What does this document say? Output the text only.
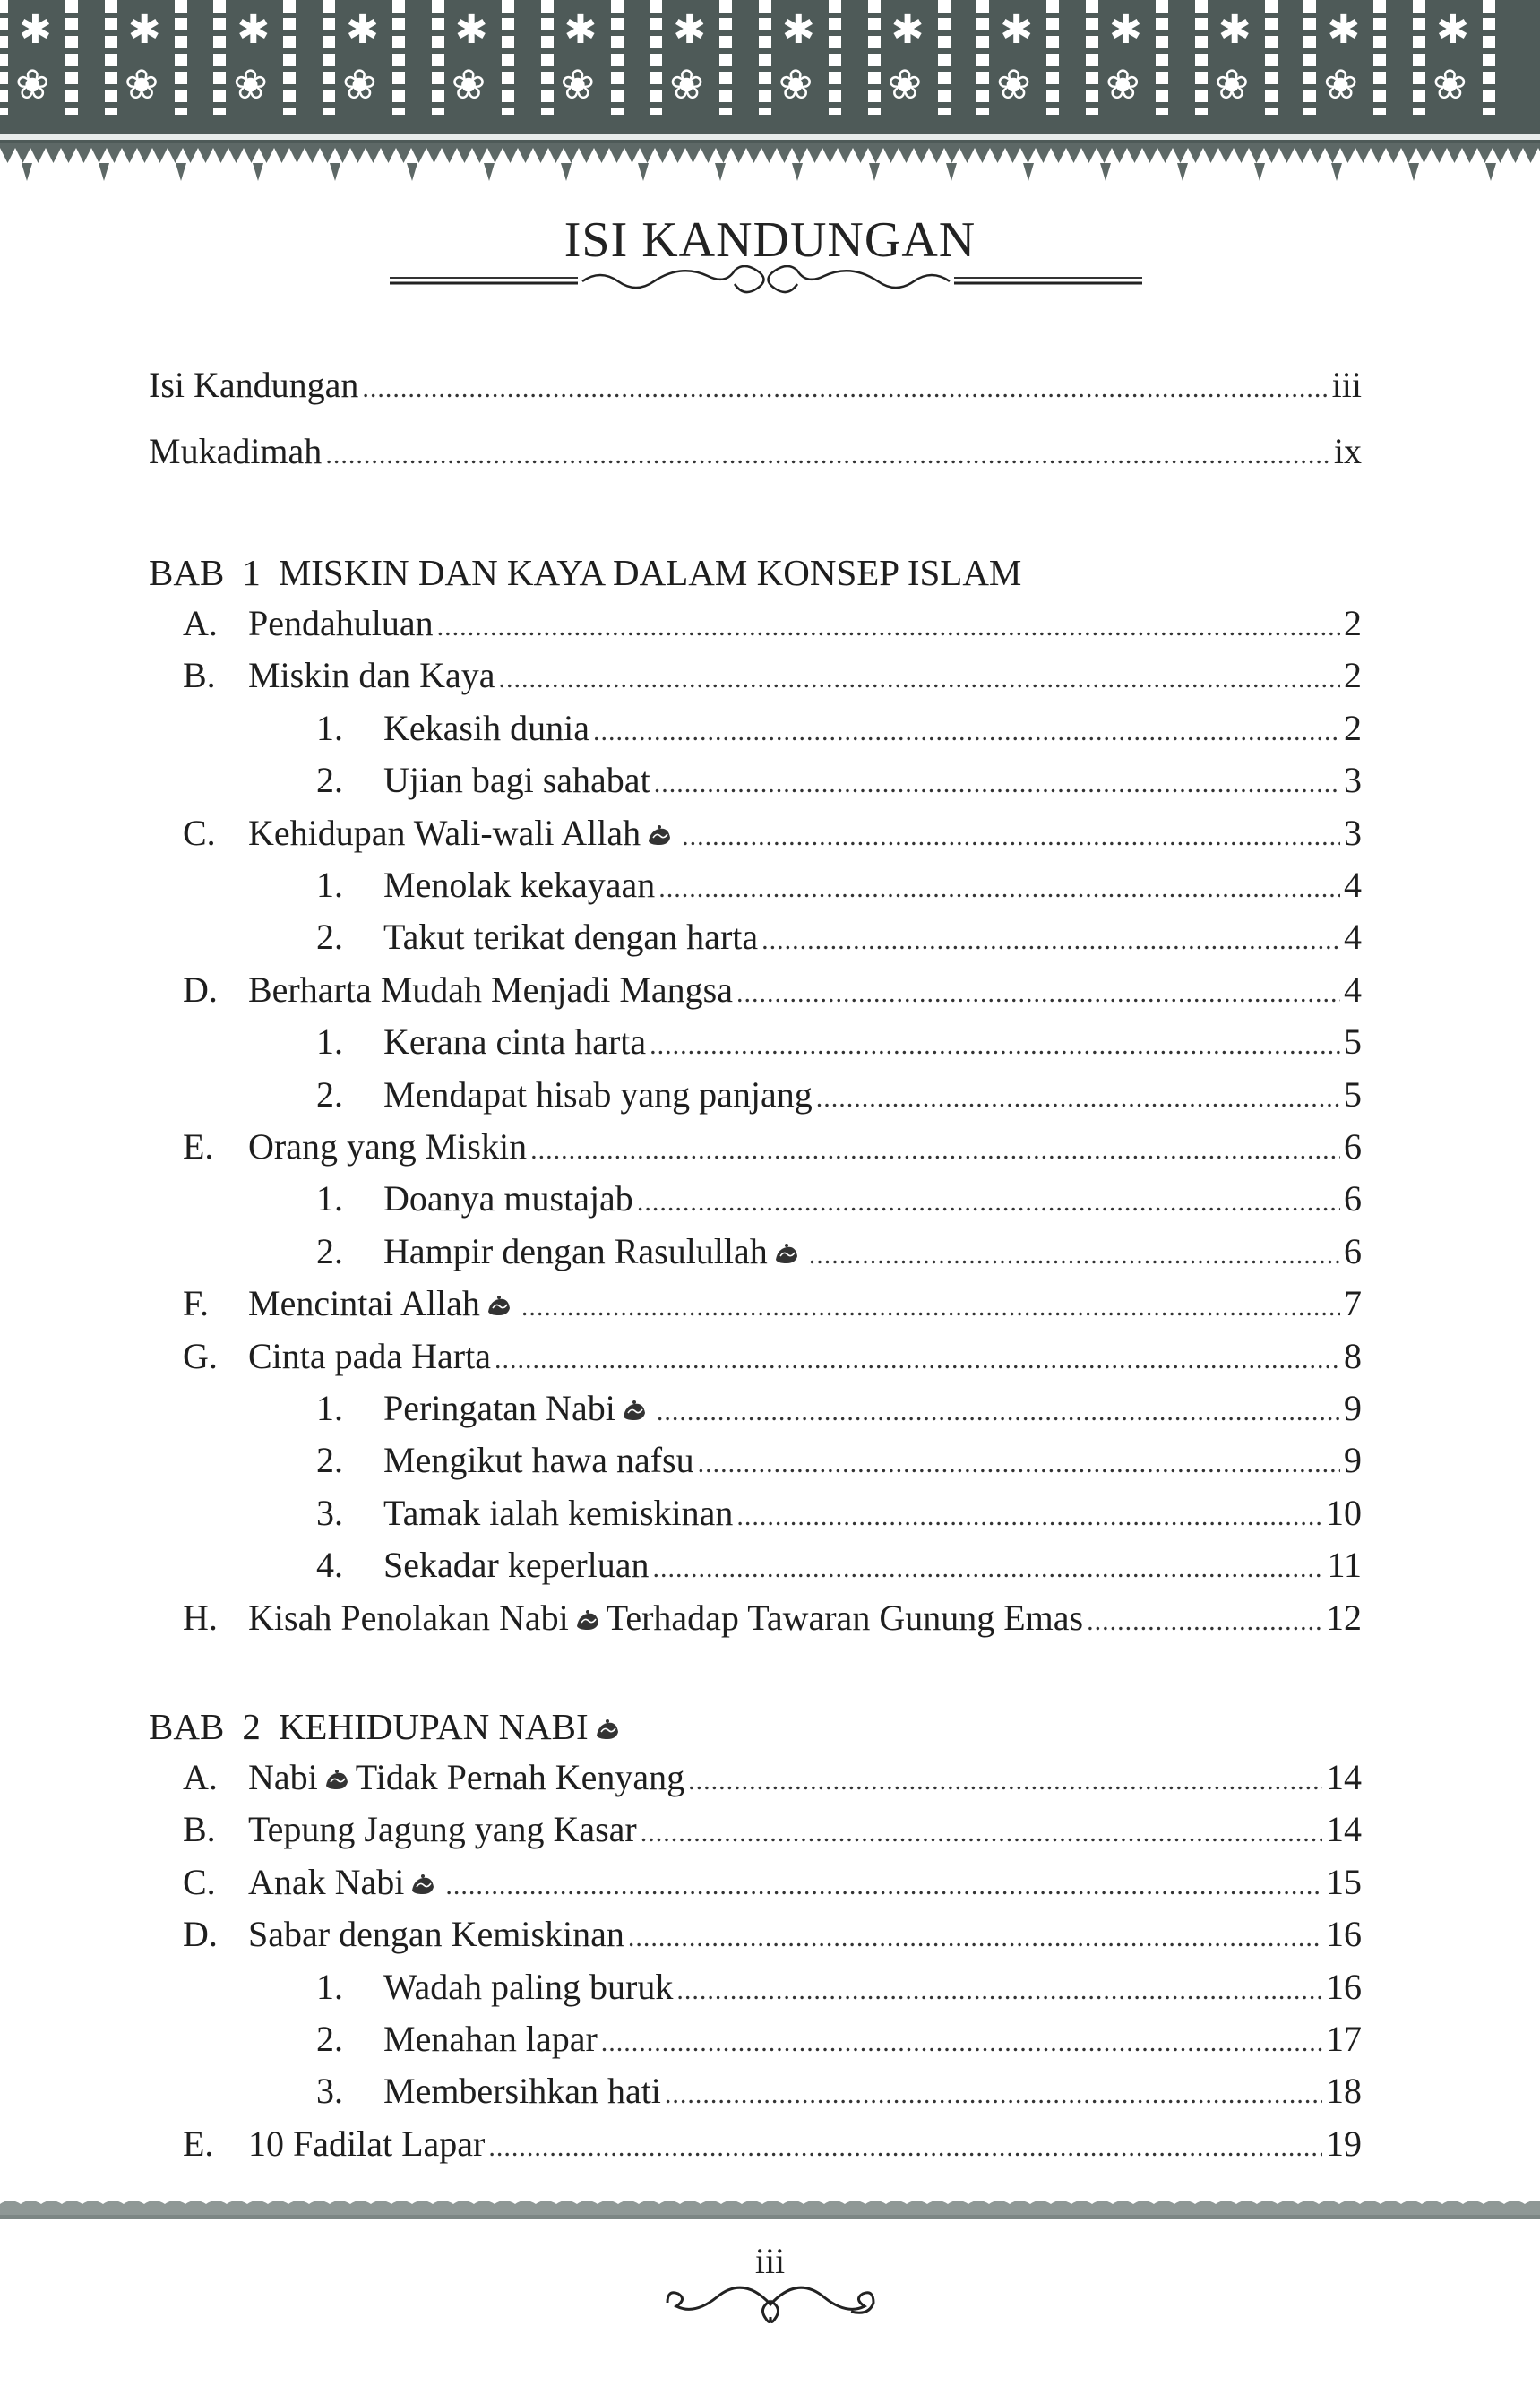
✱
❀
✱
❀
✱
❀
✱
❀
✱
❀
✱
❀
✱
❀
✱
❀
✱
❀
✱
❀
✱
❀
✱
❀
✱
❀
✱
❀
ISI KANDUNGAN
Isi Kandungan .....	iii
Mukadimah .....	ix
BAB 1 MISKIN DAN KAYA DALAM KONSEP ISLAM
A. Pendahuluan .....	2
B. Miskin dan Kaya .....	2
1.	Kekasih dunia .....	2
2.	Ujian bagi sahabat .....	3
C. Kehidupan Wali-wali Allah .....	3
1.	Menolak kekayaan .....	4
2.	Takut terikat dengan harta .....	4
D. Berharta Mudah Menjadi Mangsa .....	4
1.	Kerana cinta harta .....	5
2.	Mendapat hisab yang panjang .....	5
E. Orang yang Miskin .....	6
1.	Doanya mustajab .....	6
2.	Hampir dengan Rasulullah .....	6
F.	Mencintai Allah .....	7
G. Cinta pada Harta .....	8
1.	Peringatan Nabi .....	9
2.	Mengikut hawa nafsu .....	9
3.	Tamak ialah kemiskinan .....	10
4.	Sekadar keperluan .....	11
H. Kisah Penolakan Nabi Terhadap Tawaran Gunung Emas .....	12
BAB 2 KEHIDUPAN NABI
A. Nabi Tidak Pernah Kenyang .....	14
B. Tepung Jagung yang Kasar .....	14
C. Anak Nabi .....	15
D. Sabar dengan Kemiskinan .....	16
1.	Wadah paling buruk .....	16
2.	Menahan lapar .....	17
3.	Membersihkan hati .....	18
E. 10 Fadilat Lapar .....	19
iii
